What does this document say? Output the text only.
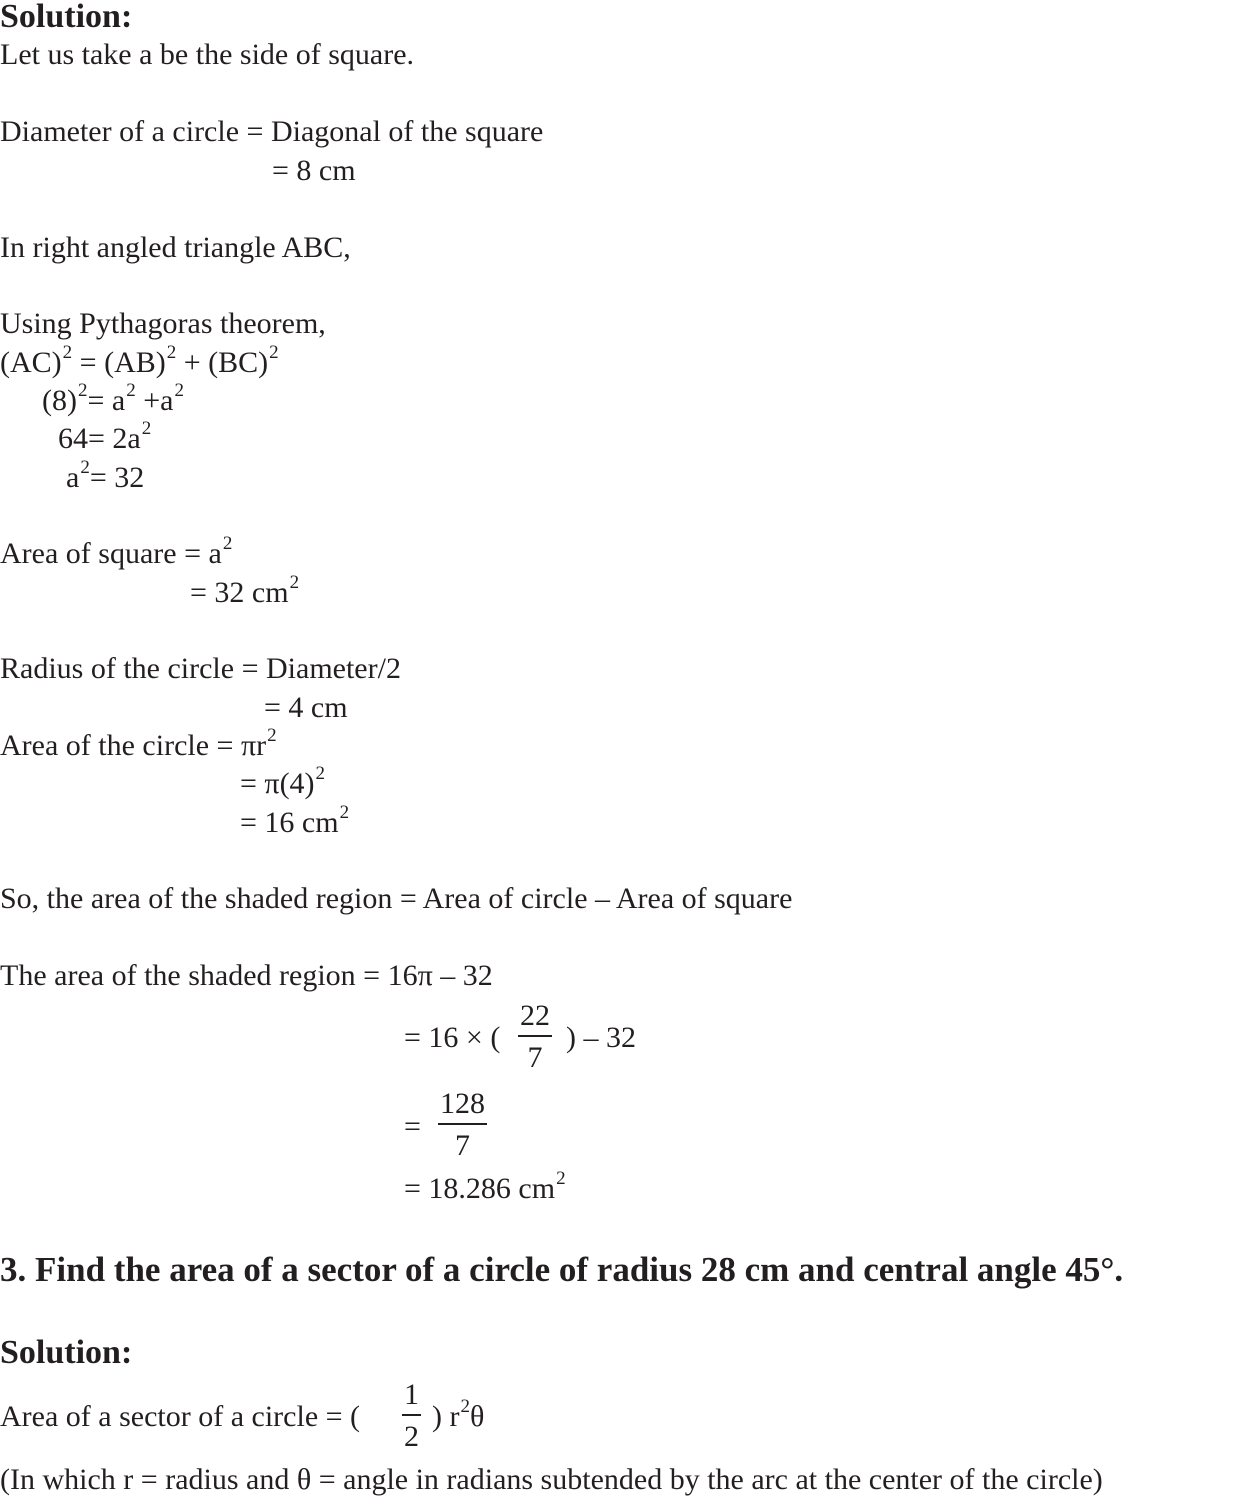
Solution:
Let us take a be the side of square.
Diameter of a circle = Diagonal of the square
= 8 cm
In right angled triangle ABC,
Using Pythagoras theorem,
(AC)$^2$ = (AB)$^2$ + (BC)$^2$
$(8)^2= a^2 +a^2$
$64= 2a^2$
$a^2= 32$
Area of square = $a^2$
= 32 $cm^2$
Radius of the circle = Diameter/2
= 4 cm
Area of the circle = $\pi r^2$
= $\pi(4)^2$
= 16 $cm^2$
So, the area of the shaded region = Area of circle – Area of square
The area of the shaded region = 16π – 32
= 16 × (
22
7
) – 32
=
128
7
= 18.286 $cm^2$
3. Find the area of a sector of a circle of radius 28 cm and central angle 45°.
Solution:
Area of a sector of a circle = (
1
2
) $r^2\theta$
(In which r = radius and θ = angle in radians subtended by the arc at the center of the circle)
